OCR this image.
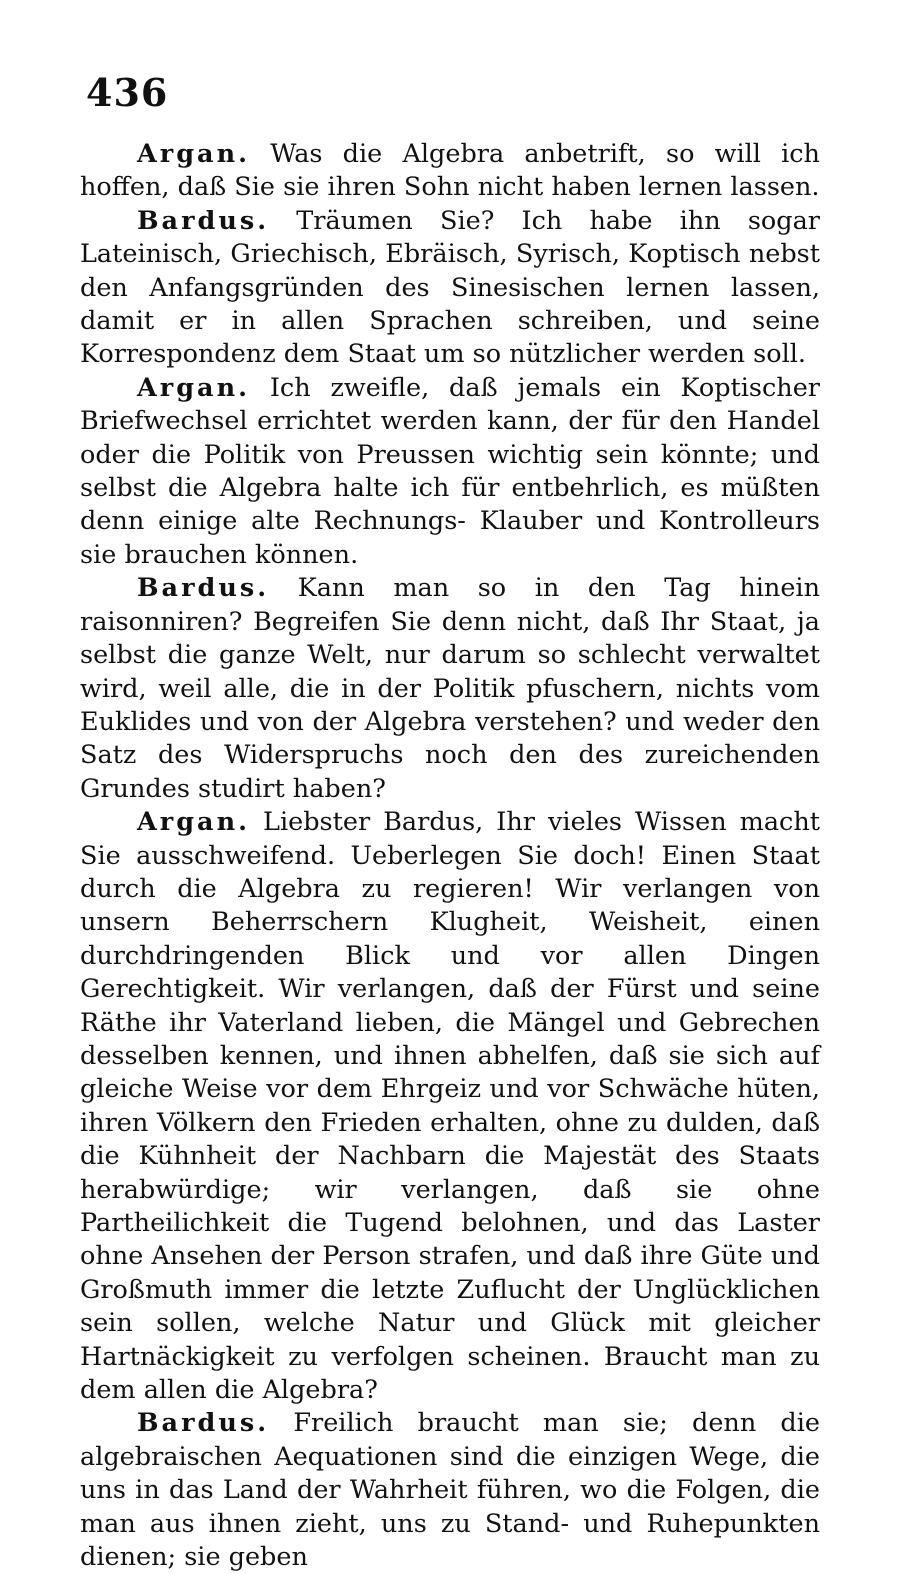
436

Argan. Was die Algebra anbetrift, so will ich hoffen, daß Sie sie ihren Sohn nicht haben lernen lassen.

Bardus. Träumen Sie? Ich habe ihn sogar Lateinisch, Griechisch, Ebräisch, Syrisch, Koptisch nebst den Anfangsgründen des Sinesischen lernen lassen, damit er in allen Sprachen schreiben, und seine Korrespondenz dem Staat um so nützlicher werden soll.

Argan. Ich zweifle, daß jemals ein Koptischer Briefwechsel errichtet werden kann, der für den Handel oder die Politik von Preussen wichtig sein könnte; und selbst die Algebra halte ich für entbehrlich, es müßten denn einige alte Rechnungs- Klauber und Kontrolleurs sie brauchen können.

Bardus. Kann man so in den Tag hinein raisonniren? Begreifen Sie denn nicht, daß Ihr Staat, ja selbst die ganze Welt, nur darum so schlecht verwaltet wird, weil alle, die in der Politik pfuschern, nichts vom Euklides und von der Algebra verstehen? und weder den Satz des Widerspruchs noch den des zureichenden Grundes studirt haben?

Argan. Liebster Bardus, Ihr vieles Wissen macht Sie ausschweifend. Ueberlegen Sie doch! Einen Staat durch die Algebra zu regieren! Wir verlangen von unsern Beherrschern Klugheit, Weisheit, einen durchdringenden Blick und vor allen Dingen Gerechtigkeit. Wir verlangen, daß der Fürst und seine Räthe ihr Vaterland lieben, die Mängel und Gebrechen desselben kennen, und ihnen abhelfen, daß sie sich auf gleiche Weise vor dem Ehrgeiz und vor Schwäche hüten, ihren Völkern den Frieden erhalten, ohne zu dulden, daß die Kühnheit der Nachbarn die Majestät des Staats herabwürdige; wir verlangen, daß sie ohne Partheilichkeit die Tugend belohnen, und das Laster ohne Ansehen der Person strafen, und daß ihre Güte und Großmuth immer die letzte Zuflucht der Unglücklichen sein sollen, welche Natur und Glück mit gleicher Hartnäckigkeit zu verfolgen scheinen. Braucht man zu dem allen die Algebra?

Bardus. Freilich braucht man sie; denn die algebraischen Aequationen sind die einzigen Wege, die uns in das Land der Wahrheit führen, wo die Folgen, die man aus ihnen zieht, uns zu Stand- und Ruhepunkten dienen; sie geben
